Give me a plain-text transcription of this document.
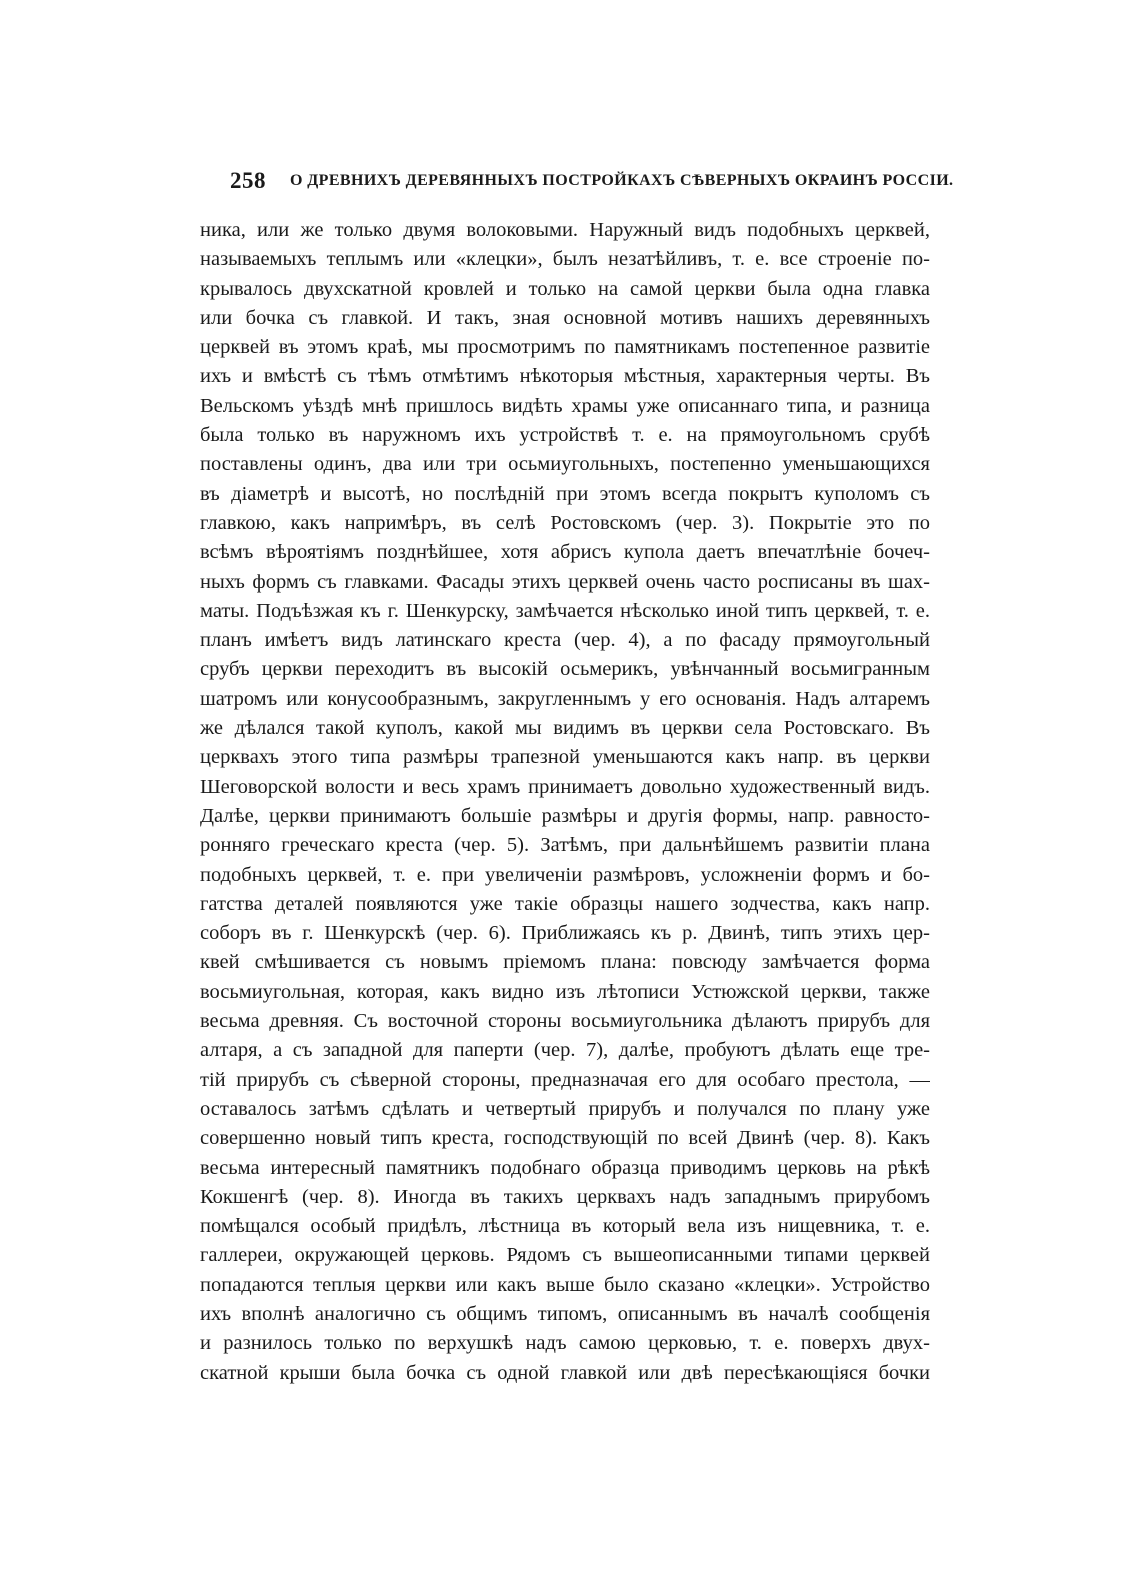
258 О ДРЕВНИХЪ ДЕРЕВЯННЫХЪ ПОСТРОЙКАХЪ СѢВЕРНЫХЪ ОКРАИНЪ РОССІИ.
ника, или же только двумя волоковыми. Наружный видъ подобныхъ церквей,
называемыхъ теплымъ или «клецки», былъ незатѣйливъ, т. е. все строеніе по-
крывалось двухскатной кровлей и только на самой церкви была одна главка
или бочка съ главкой. И такъ, зная основной мотивъ нашихъ деревянныхъ
церквей въ этомъ краѣ, мы просмотримъ по памятникамъ постепенное развитіе
ихъ и вмѣстѣ съ тѣмъ отмѣтимъ нѣкоторыя мѣстныя, характерныя черты. Въ
Вельскомъ уѣздѣ мнѣ пришлось видѣть храмы уже описаннаго типа, и разница
была только въ наружномъ ихъ устройствѣ т. е. на прямоугольномъ срубѣ
поставлены одинъ, два или три осьмиугольныхъ, постепенно уменьшающихся
въ діаметрѣ и высотѣ, но послѣдній при этомъ всегда покрытъ куполомъ съ
главкою, какъ напримѣръ, въ селѣ Ростовскомъ (чер. 3). Покрытіе это по
всѣмъ вѣроятіямъ позднѣйшее, хотя абрисъ купола даетъ впечатлѣніе бочеч-
ныхъ формъ съ главками. Фасады этихъ церквей очень часто росписаны въ шах-
маты. Подъѣзжая къ г. Шенкурску, замѣчается нѣсколько иной типъ церквей, т. е.
планъ имѣетъ видъ латинскаго креста (чер. 4), а по фасаду прямоугольный
срубъ церкви переходитъ въ высокій осьмерикъ, увѣнчанный восьмигранным
шатромъ или конусообразнымъ, закругленнымъ у его основанія. Надъ алтаремъ
же дѣлался такой куполъ, какой мы видимъ въ церкви села Ростовскаго. Въ
церквахъ этого типа размѣры трапезной уменьшаются какъ напр. въ церкви
Шеговорской волости и весь храмъ принимаетъ довольно художественный видъ.
Далѣе, церкви принимаютъ большіе размѣры и другія формы, напр. равносто-
ронняго греческаго креста (чер. 5). Затѣмъ, при дальнѣйшемъ развитіи плана
подобныхъ церквей, т. е. при увеличеніи размѣровъ, усложненіи формъ и бо-
гатства деталей появляются уже такіе образцы нашего зодчества, какъ напр.
соборъ въ г. Шенкурскѣ (чер. 6). Приближаясь къ р. Двинѣ, типъ этихъ цер-
квей смѣшивается съ новымъ пріемомъ плана: повсюду замѣчается форма
восьмиугольная, которая, какъ видно изъ лѣтописи Устюжской церкви, также
весьма древняя. Съ восточной стороны восьмиугольника дѣлаютъ прирубъ для
алтаря, а съ западной для паперти (чер. 7), далѣе, пробуютъ дѣлать еще тре-
тій прирубъ съ сѣверной стороны, предназначая его для особаго престола, —
оставалось затѣмъ сдѣлать и четвертый прирубъ и получался по плану уже
совершенно новый типъ креста, господствующій по всей Двинѣ (чер. 8). Какъ
весьма интересный памятникъ подобнаго образца приводимъ церковь на рѣкѣ
Кокшенгѣ (чер. 8). Иногда въ такихъ церквахъ надъ западнымъ прирубомъ
помѣщался особый придѣлъ, лѣстница въ который вела изъ нищевника, т. е.
галлереи, окружающей церковь. Рядомъ съ вышеописанными типами церквей
попадаются теплыя церкви или какъ выше было сказано «клецки». Устройство
ихъ вполнѣ аналогично съ общимъ типомъ, описаннымъ въ началѣ сообщенія
и разнилось только по верхушкѣ надъ самою церковью, т. е. поверхъ двух-
скатной крыши была бочка съ одной главкой или двѣ пересѣкающіяся бочки
